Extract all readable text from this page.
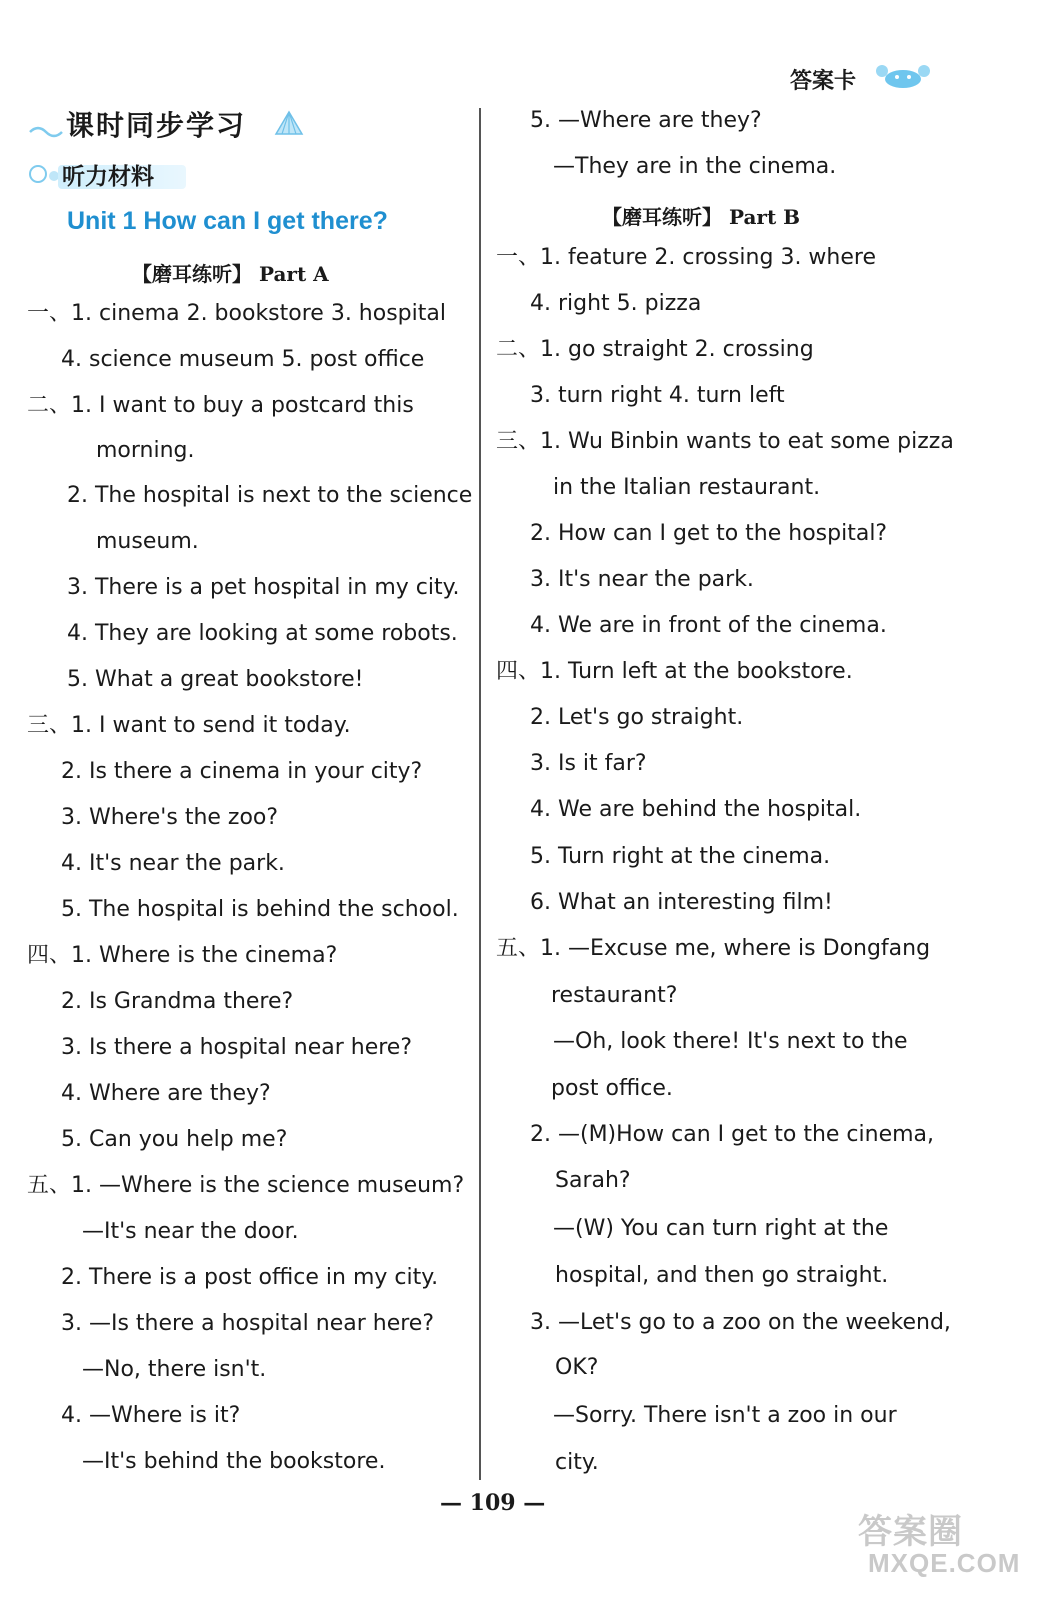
答案卡
课时同步学习
听力材料
Unit 1 How can I get there?
【磨耳练听】 Part A
一、1. cinema 2. bookstore 3. hospital
4. science museum 5. post office
二、1. I want to buy a postcard this
morning.
2. The hospital is next to the science
museum.
3. There is a pet hospital in my city.
4. They are looking at some robots.
5. What a great bookstore!
三、1. I want to send it today.
2. Is there a cinema in your city?
3. Where's the zoo?
4. It's near the park.
5. The hospital is behind the school.
四、1. Where is the cinema?
2. Is Grandma there?
3. Is there a hospital near here?
4. Where are they?
5. Can you help me?
五、1. —Where is the science museum?
—It's near the door.
2. There is a post office in my city.
3. —Is there a hospital near here?
—No, there isn't.
4. —Where is it?
—It's behind the bookstore.
5. —Where are they?
—They are in the cinema.
【磨耳练听】 Part B
一、1. feature 2. crossing 3. where
4. right 5. pizza
二、1. go straight 2. crossing
3. turn right 4. turn left
三、1. Wu Binbin wants to eat some pizza
in the Italian restaurant.
2. How can I get to the hospital?
3. It's near the park.
4. We are in front of the cinema.
四、1. Turn left at the bookstore.
2. Let's go straight.
3. Is it far?
4. We are behind the hospital.
5. Turn right at the cinema.
6. What an interesting film!
五、1. —Excuse me, where is Dongfang
restaurant?
—Oh, look there! It's next to the
post office.
2. —(M)How can I get to the cinema,
Sarah?
—(W) You can turn right at the
hospital, and then go straight.
3. —Let's go to a zoo on the weekend,
OK?
—Sorry. There isn't a zoo in our
city.
— 109 —
答案圈
MXQE.COM
